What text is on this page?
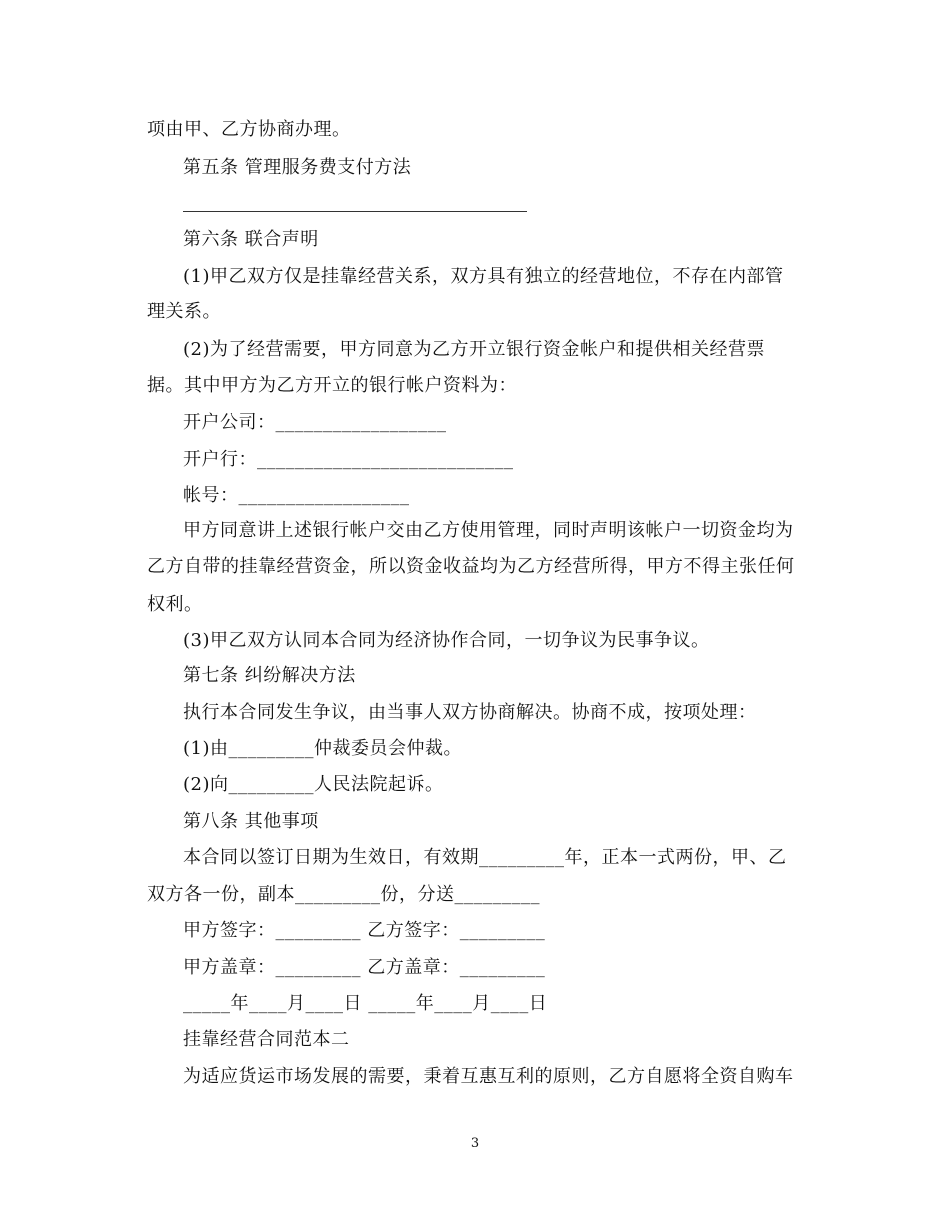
项由甲、乙方协商办理。
第五条 管理服务费支付方法
第六条 联合声明
(1)甲乙双方仅是挂靠经营关系，双方具有独立的经营地位，不存在内部管
理关系。
(2)为了经营需要，甲方同意为乙方开立银行资金帐户和提供相关经营票
据。其中甲方为乙方开立的银行帐户资料为：
开户公司：__________________
开户行：___________________________
帐号：__________________
甲方同意讲上述银行帐户交由乙方使用管理，同时声明该帐户一切资金均为
乙方自带的挂靠经营资金，所以资金收益均为乙方经营所得，甲方不得主张任何
权利。
(3)甲乙双方认同本合同为经济协作合同，一切争议为民事争议。
第七条 纠纷解决方法
执行本合同发生争议，由当事人双方协商解决。协商不成，按项处理：
(1)由_________仲裁委员会仲裁。
(2)向_________人民法院起诉。
第八条 其他事项
本合同以签订日期为生效日，有效期_________年，正本一式两份，甲、乙
双方各一份，副本_________份，分送_________
甲方签字：_________ 乙方签字：_________
甲方盖章：_________ 乙方盖章：_________
_____年____月____日 _____年____月____日
挂靠经营合同范本二
为适应货运市场发展的需要，秉着互惠互利的原则，乙方自愿将全资自购车
3
